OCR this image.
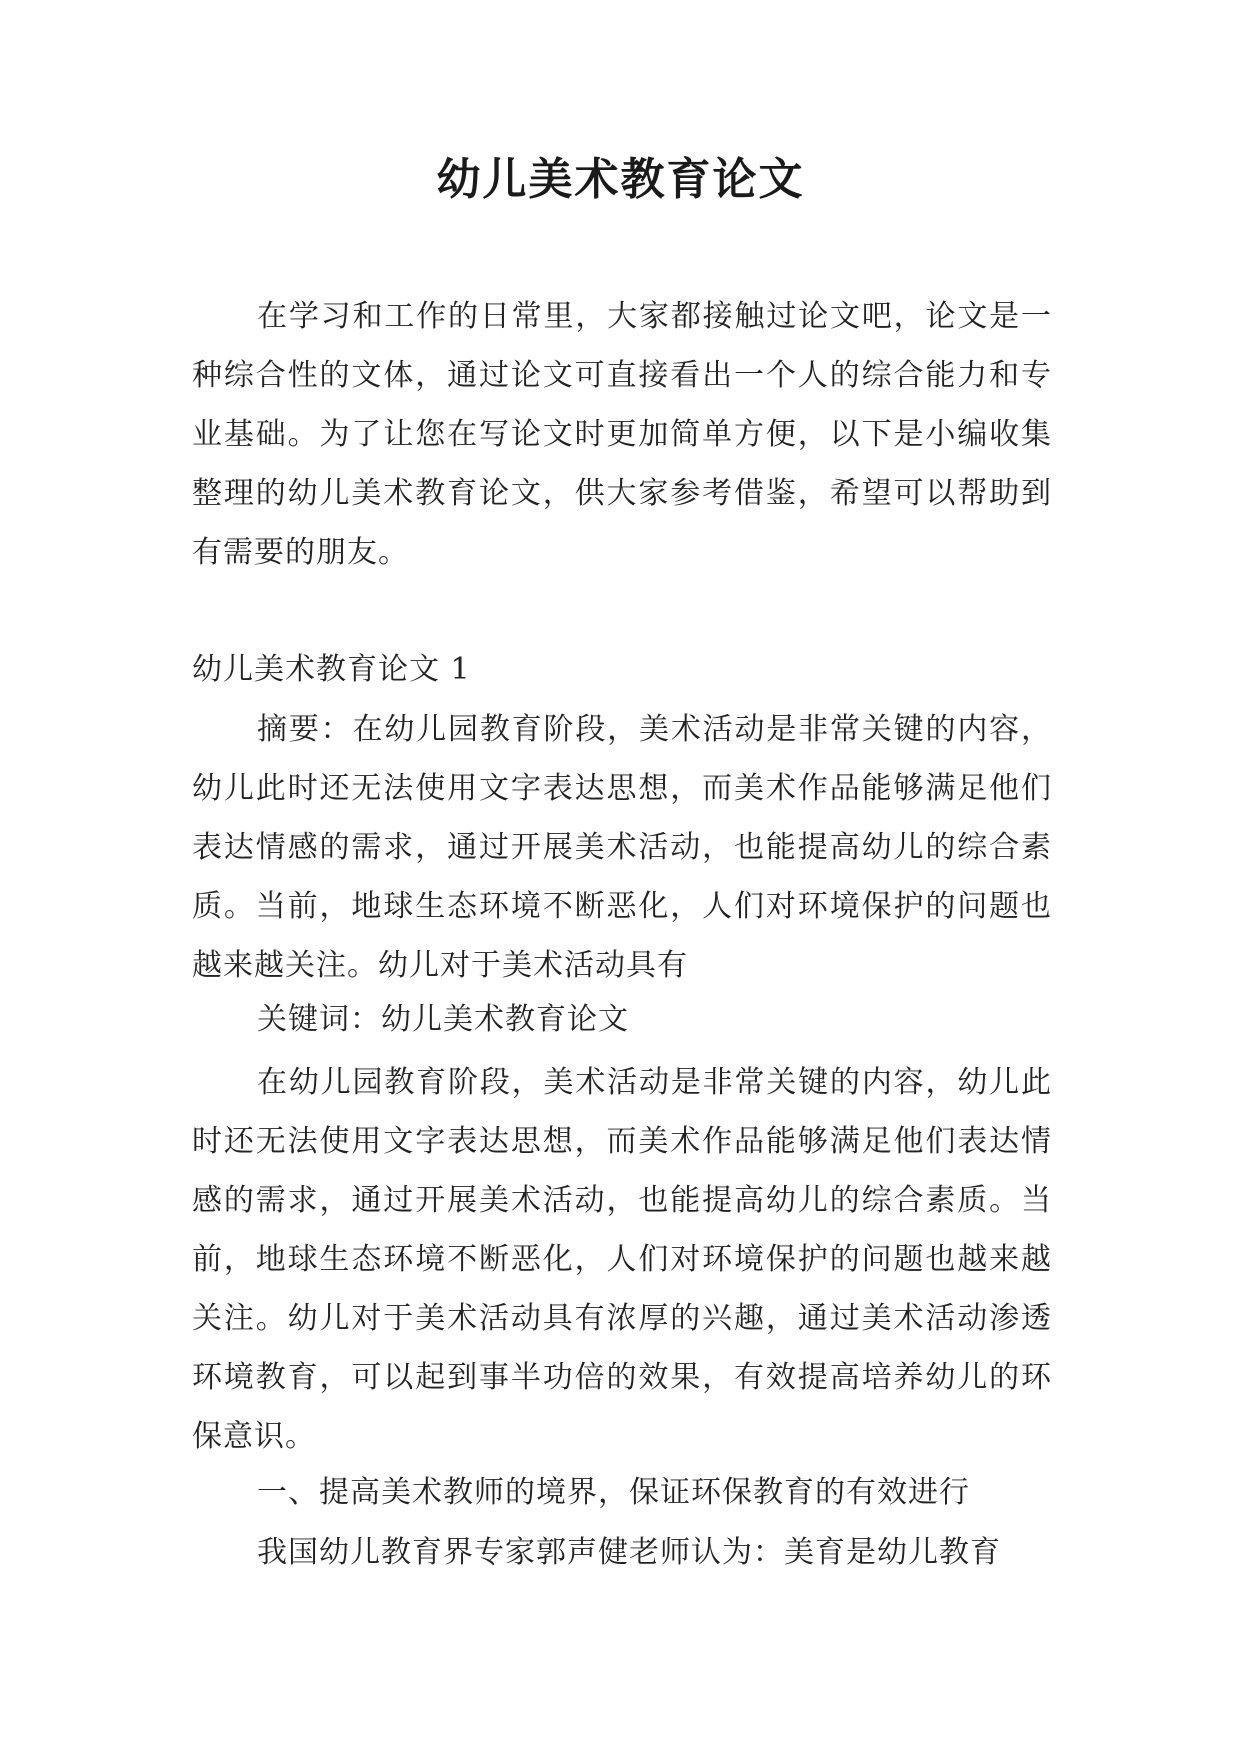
幼儿美术教育论文

在学习和工作的日常里，大家都接触过论文吧，论文是一种综合性的文体，通过论文可直接看出一个人的综合能力和专业基础。为了让您在写论文时更加简单方便，以下是小编收集整理的幼儿美术教育论文，供大家参考借鉴，希望可以帮助到有需要的朋友。

幼儿美术教育论文 1

摘要：在幼儿园教育阶段，美术活动是非常关键的内容，幼儿此时还无法使用文字表达思想，而美术作品能够满足他们表达情感的需求，通过开展美术活动，也能提高幼儿的综合素质。当前，地球生态环境不断恶化，人们对环境保护的问题也越来越关注。幼儿对于美术活动具有

关键词：幼儿美术教育论文

在幼儿园教育阶段，美术活动是非常关键的内容，幼儿此时还无法使用文字表达思想，而美术作品能够满足他们表达情感的需求，通过开展美术活动，也能提高幼儿的综合素质。当前，地球生态环境不断恶化，人们对环境保护的问题也越来越关注。幼儿对于美术活动具有浓厚的兴趣，通过美术活动渗透环境教育，可以起到事半功倍的效果，有效提高培养幼儿的环保意识。

一、提高美术教师的境界，保证环保教育的有效进行

我国幼儿教育界专家郭声健老师认为：美育是幼儿教育
